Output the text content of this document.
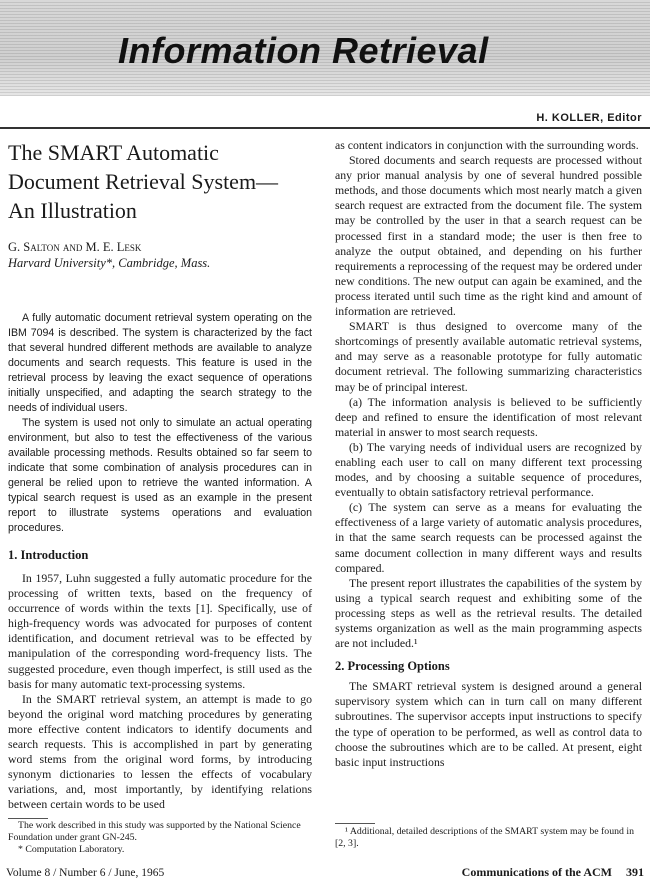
Information Retrieval
H. KOLLER, Editor
The SMART Automatic
Document Retrieval System—
An Illustration
G. Salton and M. E. Lesk
Harvard University*, Cambridge, Mass.

A fully automatic document retrieval system operating on the IBM 7094 is described. The system is characterized by the fact that several hundred different methods are available to analyze documents and search requests. This feature is used in the retrieval process by leaving the exact sequence of operations initially unspecified, and adapting the search strategy to the needs of individual users.

The system is used not only to simulate an actual operating environment, but also to test the effectiveness of the various available processing methods. Results obtained so far seem to indicate that some combination of analysis procedures can in general be relied upon to retrieve the wanted information. A typical search request is used as an example in the present report to illustrate systems operations and evaluation procedures.

1. Introduction

In 1957, Luhn suggested a fully automatic procedure for the processing of written texts, based on the frequency of occurrence of words within the texts [1]. Specifically, use of high-frequency words was advocated for purposes of content identification, and document retrieval was to be effected by manipulation of the corresponding word-frequency lists. The suggested procedure, even though imperfect, is still used as the basis for many automatic text-processing systems.

In the SMART retrieval system, an attempt is made to go beyond the original word matching procedures by generating more effective content indicators to identify documents and search requests. This is accomplished in part by generating word stems from the original word forms, by introducing synonym dictionaries to lessen the effects of vocabulary variations, and, most importantly, by identifying relations between certain words to be used

as content indicators in conjunction with the surrounding words.

Stored documents and search requests are processed without any prior manual analysis by one of several hundred possible methods, and those documents which most nearly match a given search request are extracted from the document file. The system may be controlled by the user in that a search request can be processed first in a standard mode; the user is then free to analyze the output obtained, and depending on his further requirements a reprocessing of the request may be ordered under new conditions. The new output can again be examined, and the process iterated until such time as the right kind and amount of information are retrieved.

SMART is thus designed to overcome many of the shortcomings of presently available automatic retrieval systems, and may serve as a reasonable prototype for fully automatic document retrieval. The following summarizing characteristics may be of principal interest.

(a) The information analysis is believed to be sufficiently deep and refined to ensure the identification of most relevant material in answer to most search requests.

(b) The varying needs of individual users are recognized by enabling each user to call on many different text processing modes, and by choosing a suitable sequence of procedures, eventually to obtain satisfactory retrieval performance.

(c) The system can serve as a means for evaluating the effectiveness of a large variety of automatic analysis procedures, in that the same search requests can be processed against the same document collection in many different ways and results compared.

The present report illustrates the capabilities of the system by using a typical search request and exhibiting some of the processing steps as well as the retrieval results. The detailed systems organization as well as the main programming aspects are not included.¹

2. Processing Options

The SMART retrieval system is designed around a general supervisory system which can in turn call on many different subroutines. The supervisor accepts input instructions to specify the type of operation to be performed, as well as control data to choose the subroutines which are to be called. At present, eight basic input instructions

The work described in this study was supported by the National Science Foundation under grant GN-245.

* Computation Laboratory.

¹ Additional, detailed descriptions of the SMART system may be found in [2, 3].

Volume 8 / Number 6 / June, 1965	Communications of the ACM 391
